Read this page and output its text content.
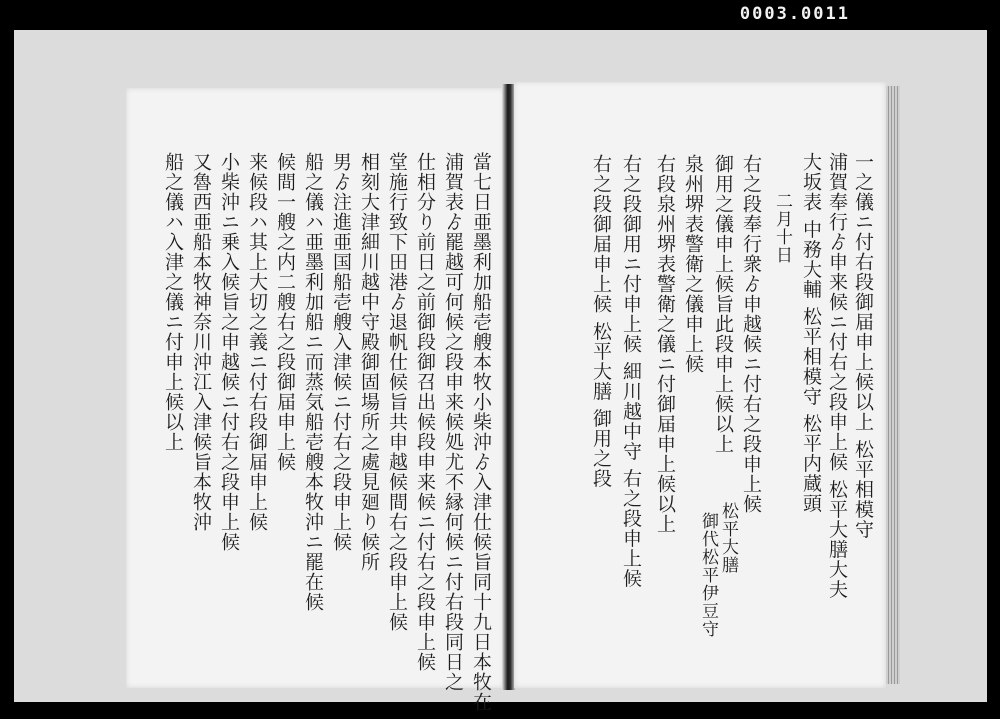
0003.0011
當七日亜墨利加船壱艘本牧小柴沖ゟ入津仕候旨同十九日本牧在
浦賀表ゟ罷越可何候之段申来候処尤不縁何候ニ付右段同日之
仕相分り前日之前御段御召出候段申来候ニ付右之段申上候
堂施行致下田港ゟ退帆仕候旨共申越候間右之段申上候
相刻大津細川越中守殿御固場所之處見廻り候所
男ゟ注進亜国船壱艘入津候ニ付右之段申上候
船之儀ハ亜墨利加船ニ而蒸気船壱艘本牧沖ニ罷在候
候間一艘之内二艘右之段御届申上候
来候段ハ其上大切之義ニ付右段御届申上候
小柴沖ニ乗入候旨之申越候ニ付右之段申上候
又魯西亜船本牧神奈川沖江入津候旨本牧沖
船之儀ハ入津之儀ニ付申上候以上	一之儀ニ付右段御届申上候以上 松平相模守
浦賀奉行ゟ申来候ニ付右之段申上候 松平大膳大夫
大坂表 中務大輔 松平相模守 松平内蔵頭
二月十日
右之段奉行衆ゟ申越候ニ付右之段申上候
御用之儀申上候旨此段申上候以上
泉州堺表警衛之儀申上候
右段泉州堺表警衛之儀ニ付御届申上候以上
右之段御用ニ付申上候 細川越中守 右之段申上候
右之段御届申上候 松平大膳 御用之段
松平大膳
御代松平伊豆守
